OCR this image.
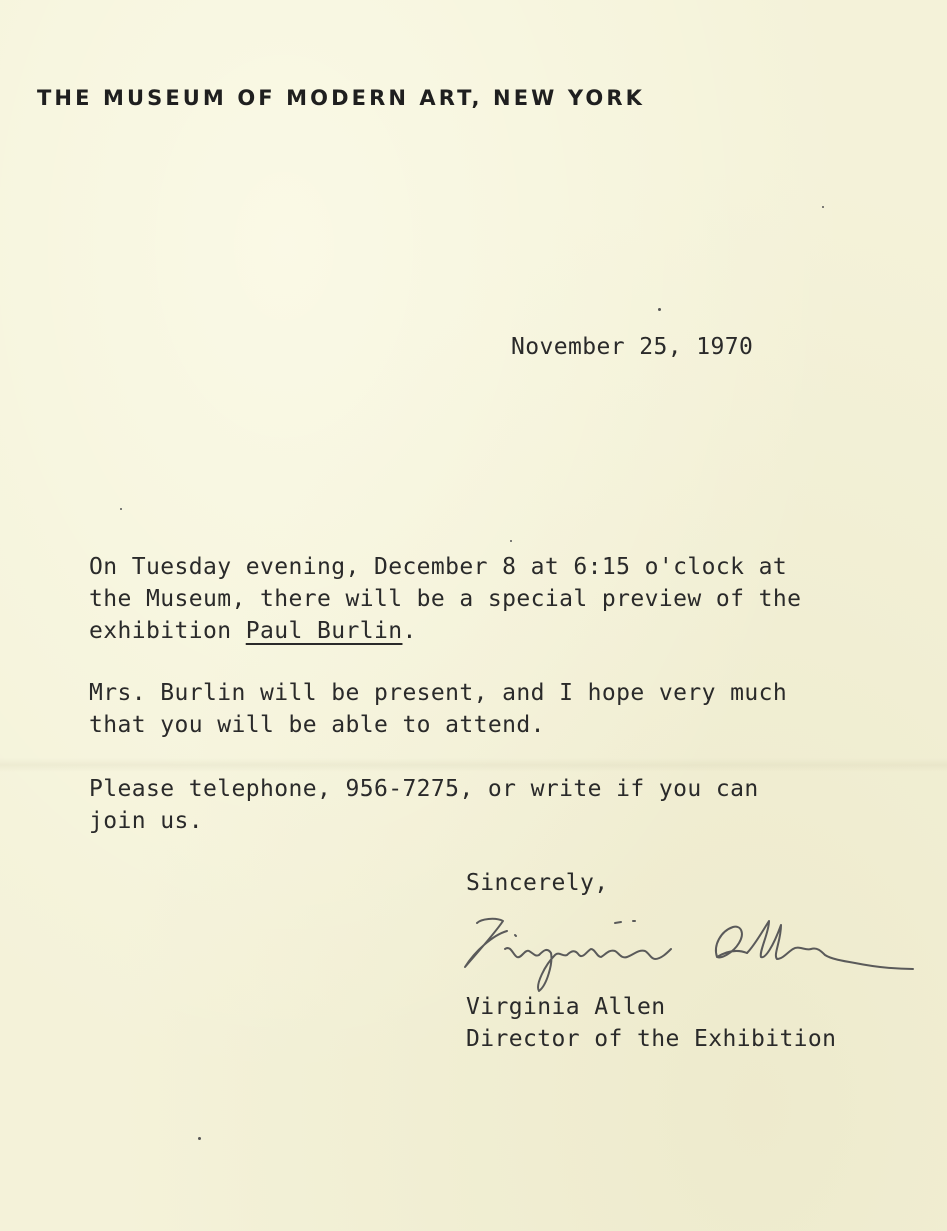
THE MUSEUM OF MODERN ART, NEW YORK
November 25, 1970
On Tuesday evening, December 8 at 6:15 o'clock at
the Museum, there will be a special preview of the
exhibition Paul Burlin.
Mrs. Burlin will be present, and I hope very much
that you will be able to attend.
Please telephone, 956-7275, or write if you can
join us.
Sincerely,
Virginia Allen
Director of the Exhibition
